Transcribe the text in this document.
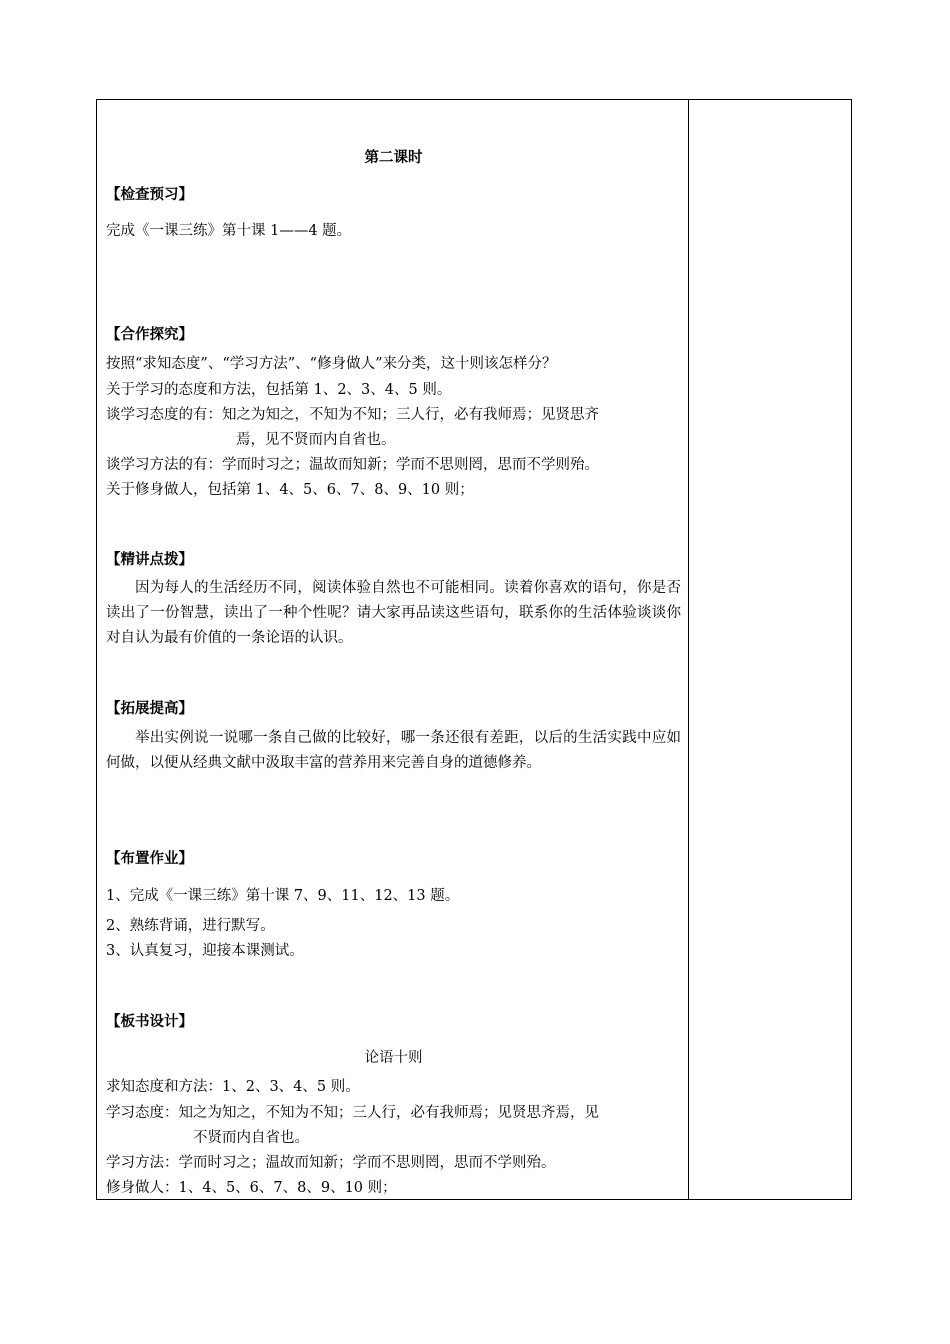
第二课时
【检查预习】
完成《一课三练》第十课 1——4 题。
【合作探究】
按照“求知态度”、“学习方法”、“修身做人”来分类，这十则该怎样分？
关于学习的态度和方法，包括第 1、2、3、4、5 则。
谈学习态度的有：知之为知之，不知为不知；三人行，必有我师焉；见贤思齐
焉，见不贤而内自省也。
谈学习方法的有：学而时习之；温故而知新；学而不思则罔，思而不学则殆。
关于修身做人，包括第 1、4、5、6、7、8、9、10 则；
【精讲点拨】
因为每人的生活经历不同，阅读体验自然也不可能相同。读着你喜欢的语句，你是否读出了一份智慧，读出了一种个性呢？请大家再品读这些语句，联系你的生活体验谈谈你对自认为最有价值的一条论语的认识。
【拓展提高】
举出实例说一说哪一条自己做的比较好，哪一条还很有差距，以后的生活实践中应如何做，以便从经典文献中汲取丰富的营养用来完善自身的道德修养。
【布置作业】
1、完成《一课三练》第十课 7、9、11、12、13 题。
2、熟练背诵，进行默写。
3、认真复习，迎接本课测试。
【板书设计】
论语十则
求知态度和方法：1、2、3、4、5 则。
学习态度：知之为知之，不知为不知；三人行，必有我师焉；见贤思齐焉，见
不贤而内自省也。
学习方法：学而时习之；温故而知新；学而不思则罔，思而不学则殆。
修身做人：1、4、5、6、7、8、9、10 则；
